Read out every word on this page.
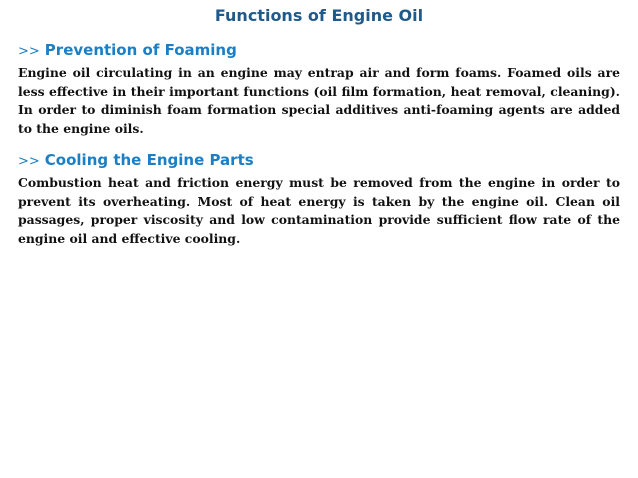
Functions of Engine Oil
>> Prevention of Foaming

Engine oil circulating in an engine may entrap air and form foams. Foamed oils are less effective in their important functions (oil film formation, heat removal, cleaning). In order to diminish foam formation special additives anti-foaming agents are added to the engine oils.

>> Cooling the Engine Parts

Combustion heat and friction energy must be removed from the engine in order to prevent its overheating. Most of heat energy is taken by the engine oil. Clean oil passages, proper viscosity and low contamination provide sufficient flow rate of the engine oil and effective cooling.
